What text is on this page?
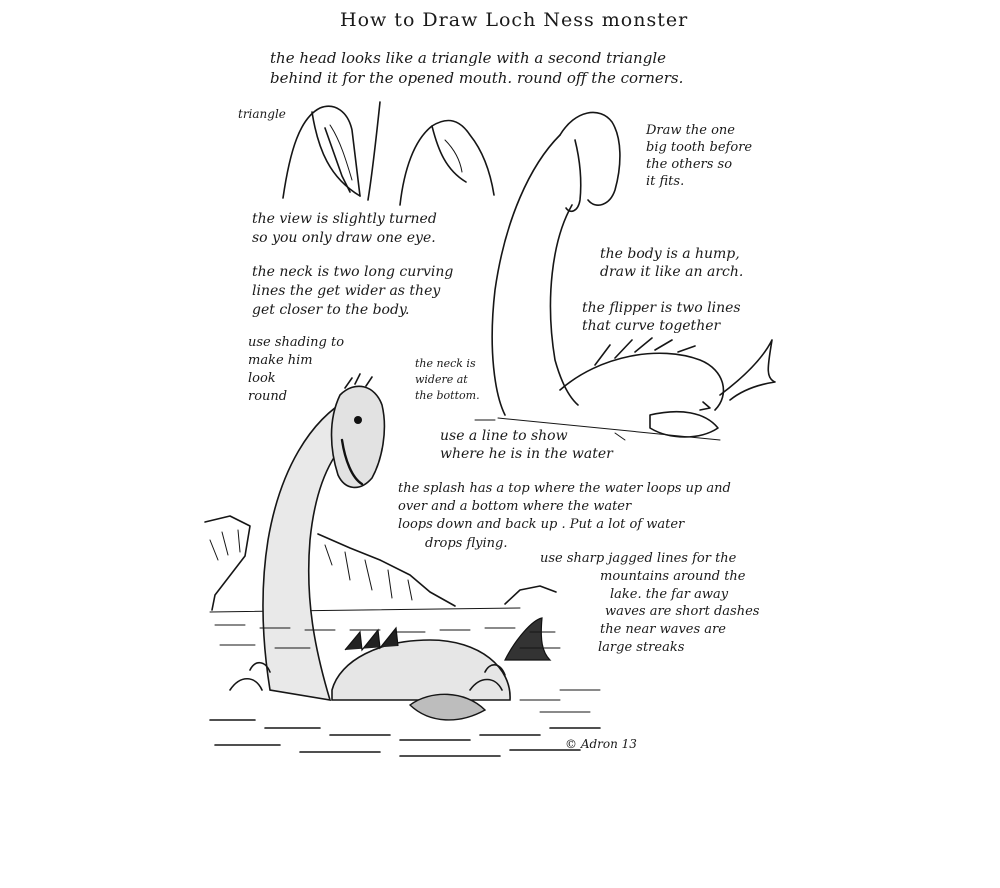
How to Draw Loch Ness monster
the head looks like a triangle with a second triangle
behind it for the opened mouth. round off the corners.
triangle
Draw the one
big tooth before
the others so
it fits.
the view is slightly turned
so you only draw one eye.
the body is a hump,
draw it like an arch.
the neck is two long curving
lines the get wider as they
get closer to the body.	the flipper is two lines
that curve together
use shading to
make him
look
round
the neck is
widere at
the bottom.
use a line to show
where he is in the water
the splash has a top where the water loops up and
over and a bottom where the water
loops down and back up . Put a lot of water
drops flying.
use sharp jagged lines for the
mountains around the
lake. the far away
waves are short dashes
the near waves are
large streaks
© Adron 13
